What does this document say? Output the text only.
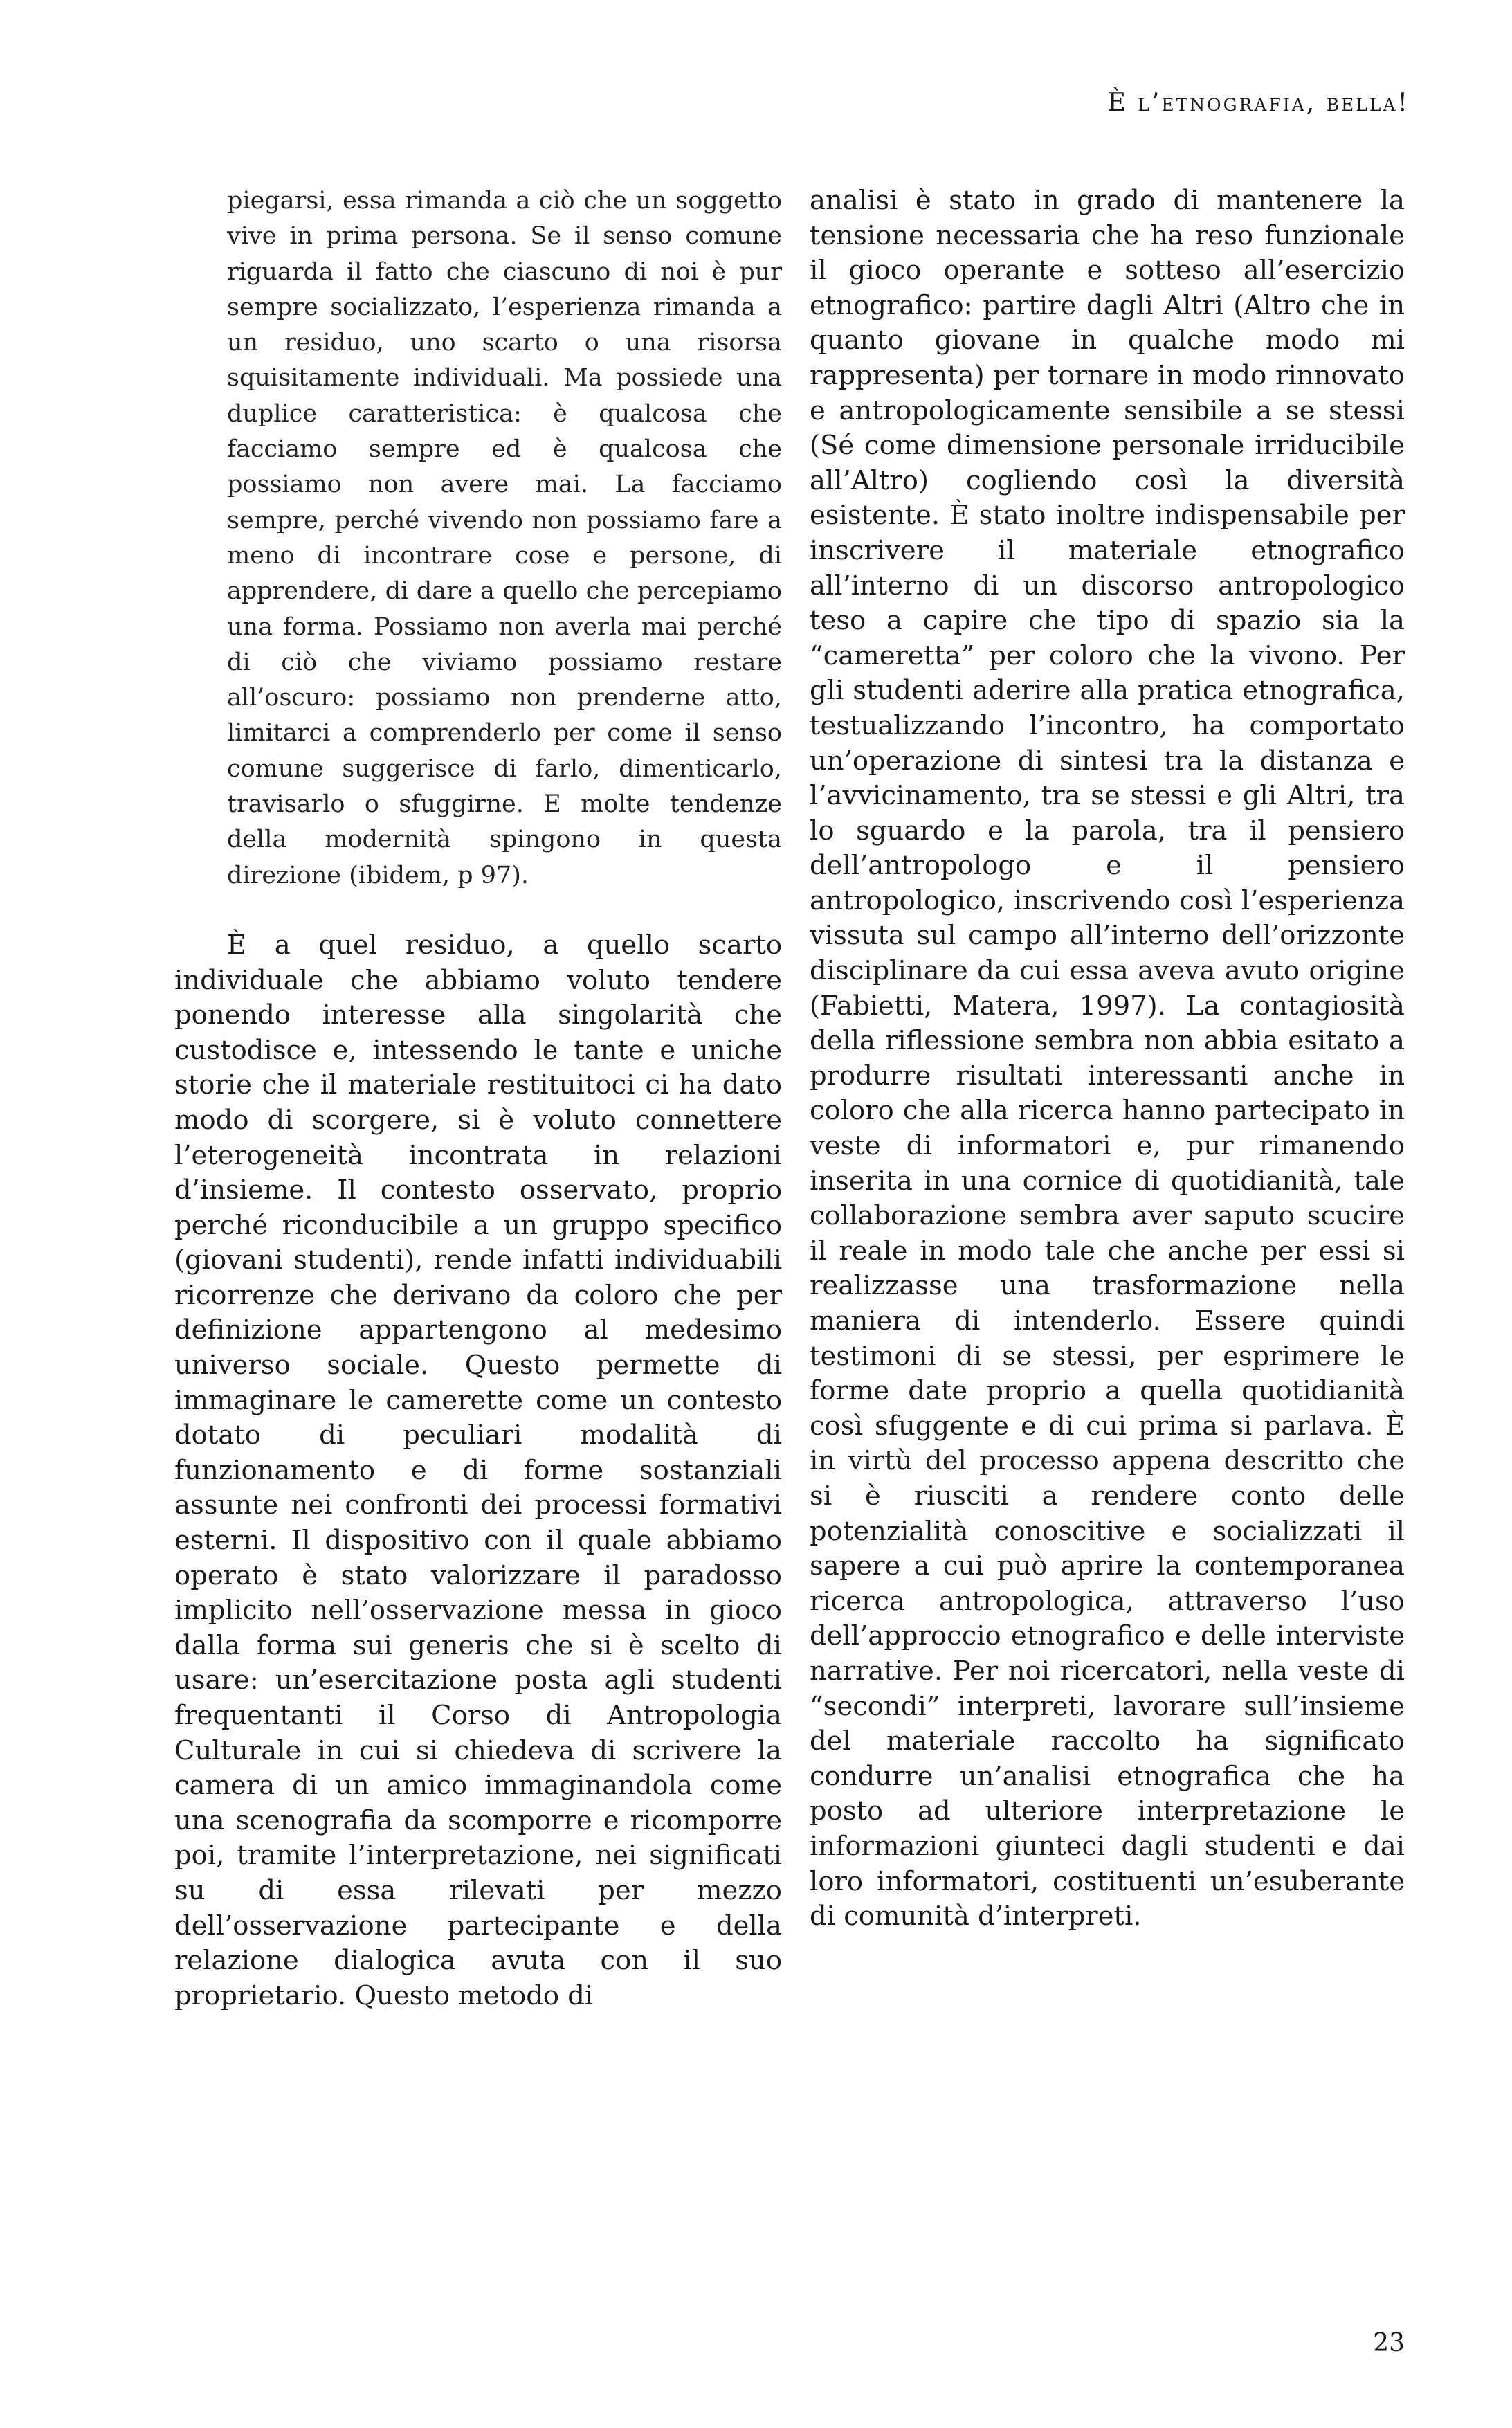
È l’etnografia, bella!

piegarsi, essa rimanda a ciò che un soggetto vive in prima persona. Se il senso comune riguarda il fatto che ciascuno di noi è pur sempre socializzato, l’esperienza rimanda a un residuo, uno scarto o una risorsa squisitamente individuali. Ma possiede una duplice caratteristica: è qualcosa che facciamo sempre ed è qualcosa che possiamo non avere mai. La facciamo sempre, perché vivendo non possiamo fare a meno di incontrare cose e persone, di apprendere, di dare a quello che percepiamo una forma. Possiamo non averla mai perché di ciò che viviamo possiamo restare all’oscuro: possiamo non prenderne atto, limitarci a comprenderlo per come il senso comune suggerisce di farlo, dimenticarlo, travisarlo o sfuggirne. E molte tendenze della modernità spingono in questa direzione (ibidem, p 97).

È a quel residuo, a quello scarto individuale che abbiamo voluto tendere ponendo interesse alla singolarità che custodisce e, intessendo le tante e uniche storie che il materiale restituitoci ci ha dato modo di scorgere, si è voluto connettere l’eterogeneità incontrata in relazioni d’insieme. Il contesto osservato, proprio perché riconducibile a un gruppo specifico (giovani studenti), rende infatti individuabili ricorrenze che derivano da coloro che per definizione appartengono al medesimo universo sociale. Questo permette di immaginare le camerette come un contesto dotato di peculiari modalità di funzionamento e di forme sostanziali assunte nei confronti dei processi formativi esterni. Il dispositivo con il quale abbiamo operato è stato valorizzare il paradosso implicito nell’osservazione messa in gioco dalla forma sui generis che si è scelto di usare: un’esercitazione posta agli studenti frequentanti il Corso di Antropologia Culturale in cui si chiedeva di scrivere la camera di un amico immaginandola come una scenografia da scomporre e ricomporre poi, tramite l’interpretazione, nei significati su di essa rilevati per mezzo dell’osservazione partecipante e della relazione dialogica avuta con il suo proprietario. Questo metodo di

analisi è stato in grado di mantenere la tensione necessaria che ha reso funzionale il gioco operante e sotteso all’esercizio etnografico: partire dagli Altri (Altro che in quanto giovane in qualche modo mi rappresenta) per tornare in modo rinnovato e antropologicamente sensibile a se stessi (Sé come dimensione personale irriducibile all’Altro) cogliendo così la diversità esistente. È stato inoltre indispensabile per inscrivere il materiale etnografico all’interno di un discorso antropologico teso a capire che tipo di spazio sia la “cameretta” per coloro che la vivono. Per gli studenti aderire alla pratica etnografica, testualizzando l’incontro, ha comportato un’operazione di sintesi tra la distanza e l’avvicinamento, tra se stessi e gli Altri, tra lo sguardo e la parola, tra il pensiero dell’antropologo e il pensiero antropologico, inscrivendo così l’esperienza vissuta sul campo all’interno dell’orizzonte disciplinare da cui essa aveva avuto origine (Fabietti, Matera, 1997). La contagiosità della riflessione sembra non abbia esitato a produrre risultati interessanti anche in coloro che alla ricerca hanno partecipato in veste di informatori e, pur rimanendo inserita in una cornice di quotidianità, tale collaborazione sembra aver saputo scucire il reale in modo tale che anche per essi si realizzasse una trasformazione nella maniera di intenderlo. Essere quindi testimoni di se stessi, per esprimere le forme date proprio a quella quotidianità così sfuggente e di cui prima si parlava. È in virtù del processo appena descritto che si è riusciti a rendere conto delle potenzialità conoscitive e socializzati il sapere a cui può aprire la contemporanea ricerca antropologica, attraverso l’uso dell’approccio etnografico e delle interviste narrative. Per noi ricercatori, nella veste di “secondi” interpreti, lavorare sull’insieme del materiale raccolto ha significato condurre un’analisi etnografica che ha posto ad ulteriore interpretazione le informazioni giunteci dagli studenti e dai loro informatori, costituenti un’esuberante di comunità d’interpreti.

23
